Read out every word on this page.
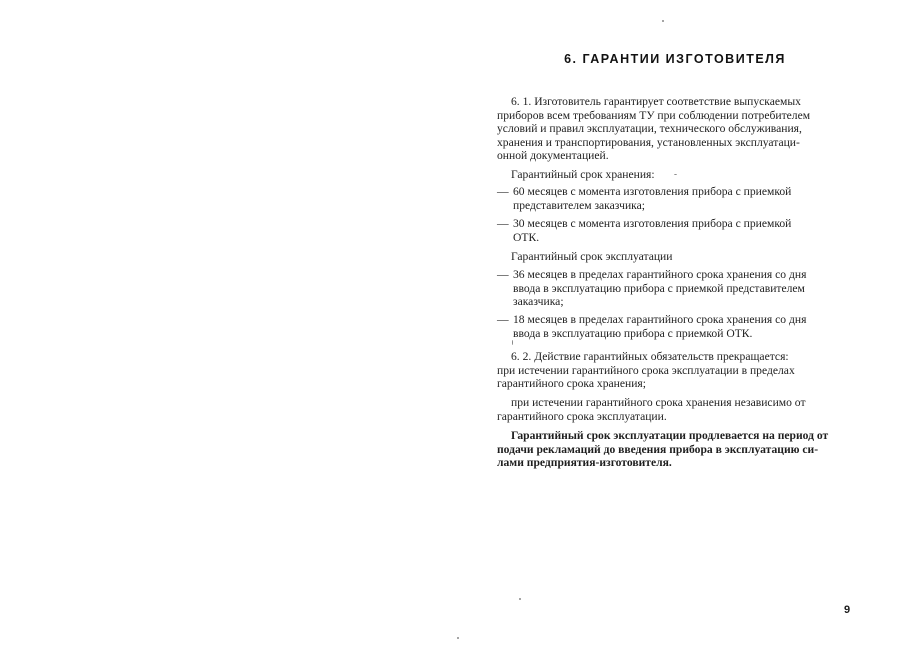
6. ГАРАНТИИ ИЗГОТОВИТЕЛЯ
6. 1. Изготовитель гарантирует соответствие выпускаемых
приборов всем требованиям ТУ при соблюдении потребителем
условий и правил эксплуатации, технического обслуживания,
хранения и транспортирования, установленных эксплуатаци-
онной документацией.
Гарантийный срок хранения:
— 60 месяцев с момента изготовления прибора с приемкой
представителем заказчика;
— 30 месяцев с момента изготовления прибора с приемкой
ОТК.
Гарантийный срок эксплуатации
— 36 месяцев в пределах гарантийного срока хранения со дня
ввода в эксплуатацию прибора с приемкой представителем
заказчика;
— 18 месяцев в пределах гарантийного срока хранения со дня
ввода в эксплуатацию прибора с приемкой ОТК.
6. 2. Действие гарантийных обязательств прекращается:
при истечении гарантийного срока эксплуатации в пределах
гарантийного срока хранения;
при истечении гарантийного срока хранения независимо от
гарантийного срока эксплуатации.
Гарантийный срок эксплуатации продлевается на период от
подачи рекламаций до введения прибора в эксплуатацию си-
лами предприятия-изготовителя.
9
